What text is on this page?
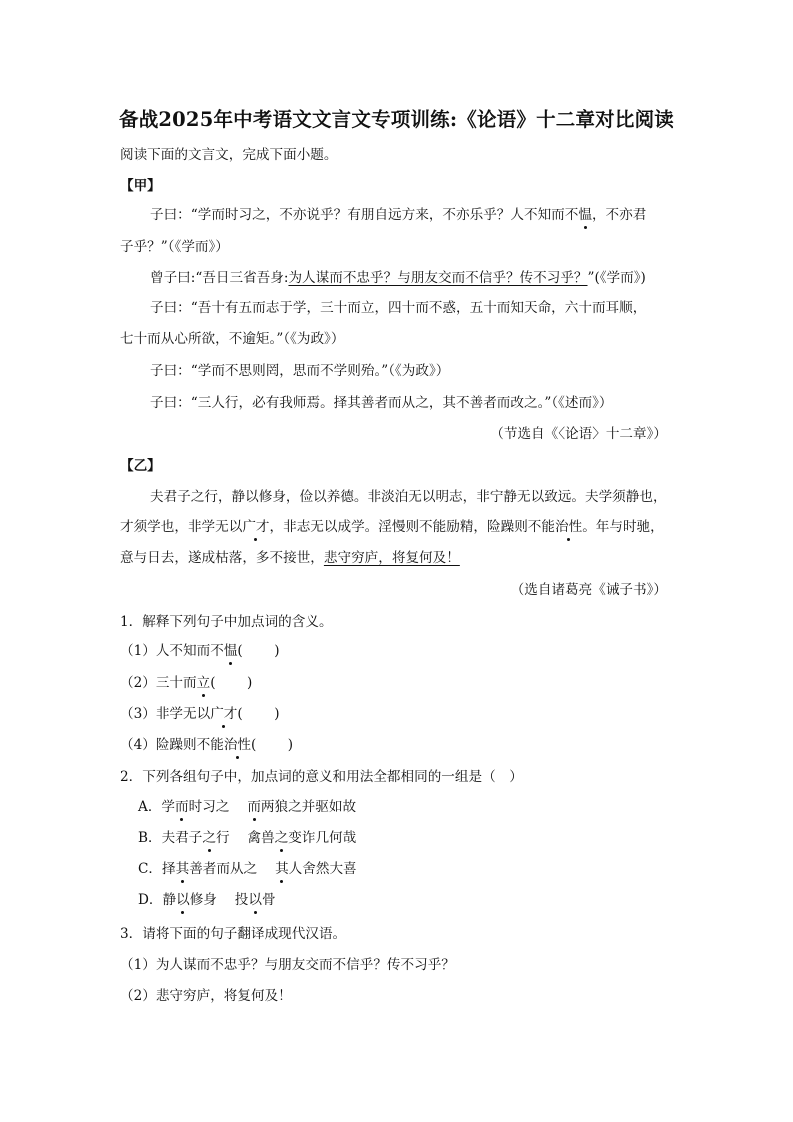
备战2025年中考语文文言文专项训练:《论语》十二章对比阅读
阅读下面的文言文，完成下面小题。
【甲】
子曰：“学而时习之，不亦说乎？有朋自远方来，不亦乐乎？人不知而不愠，不亦君
子乎？”（《学而》）
曾子曰:“吾日三省吾身:为人谋而不忠乎？与朋友交而不信乎？传不习乎？”(《学而》)
子曰：“吾十有五而志于学，三十而立，四十而不惑，五十而知天命，六十而耳顺，
七十而从心所欲，不逾矩。”（《为政》）
子曰：“学而不思则罔，思而不学则殆。”（《为政》）
子曰：“三人行，必有我师焉。择其善者而从之，其不善者而改之。”（《述而》）
（节选自《〈论语〉十二章》）
【乙】
夫君子之行，静以修身，俭以养德。非淡泊无以明志，非宁静无以致远。夫学须静也，
才须学也，非学无以广才，非志无以成学。淫慢则不能励精，险躁则不能治性。年与时驰，
意与日去，遂成枯落，多不接世，悲守穷庐，将复何及！
（选自诸葛亮《诫子书》）
1．解释下列句子中加点词的含义。
（1）人不知而不愠(　　 )
（2）三十而立(　　 )
（3）非学无以广才(　　 )
（4）险躁则不能治性(　　 )
2．下列各组句子中，加点词的意义和用法全都相同的一组是（　）
A．学而时习之　 而两狼之并驱如故
B．夫君子之行　 禽兽之变诈几何哉
C．择其善者而从之　 其人舍然大喜
D．静以修身　 投以骨
3．请将下面的句子翻译成现代汉语。
（1）为人谋而不忠乎？与朋友交而不信乎？传不习乎？
（2）悲守穷庐，将复何及！
